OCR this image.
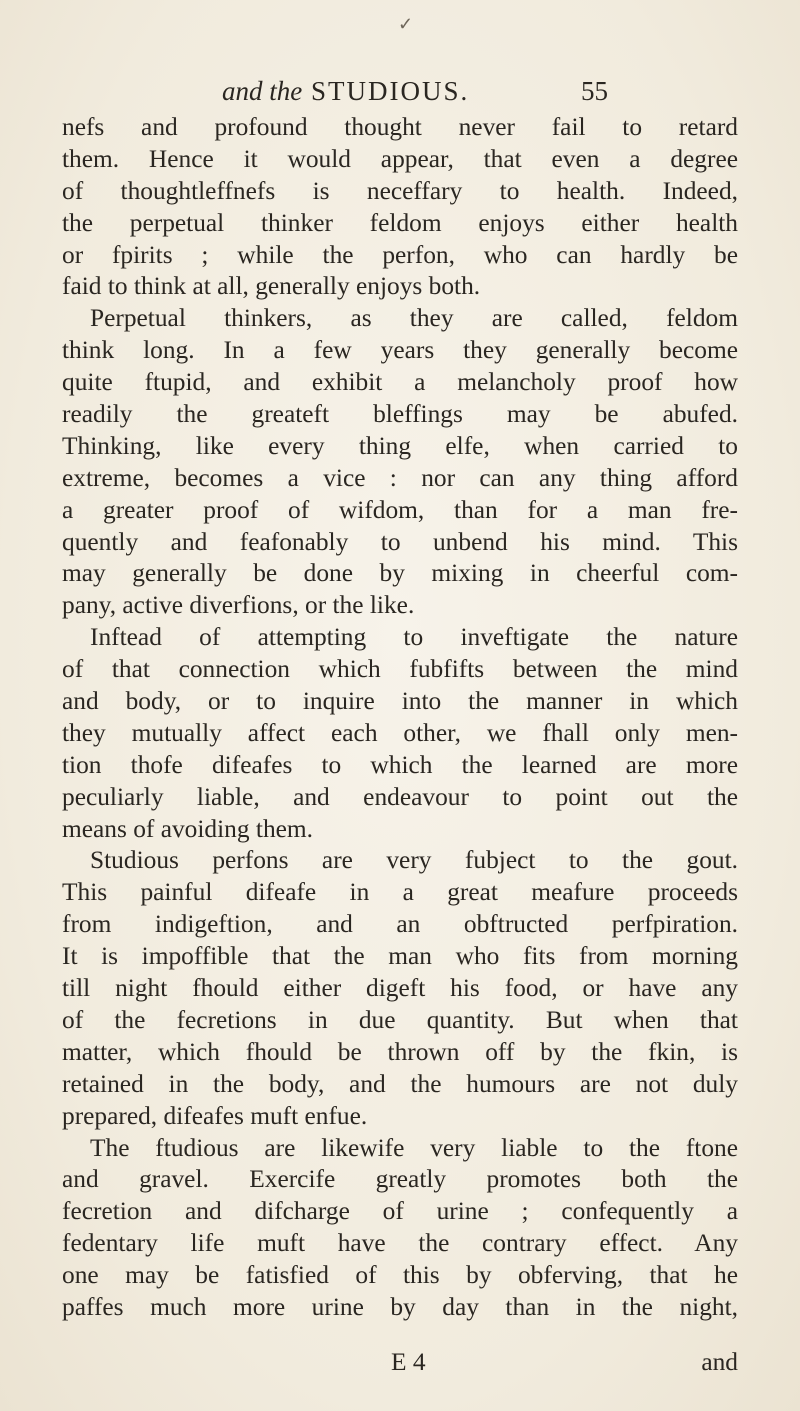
✓
and the STUDIOUS.	55
nefs and profound thought never fail to retard
them. Hence it would appear, that even a degree
of thoughtleffnefs is neceffary to health. Indeed,
the perpetual thinker feldom enjoys either health
or fpirits ; while the perfon, who can hardly be
faid to think at all, generally enjoys both.
Perpetual thinkers, as they are called, feldom
think long. In a few years they generally become
quite ftupid, and exhibit a melancholy proof how
readily the greateft bleffings may be abufed.
Thinking, like every thing elfe, when carried to
extreme, becomes a vice : nor can any thing afford
a greater proof of wifdom, than for a man fre-
quently and feafonably to unbend his mind. This
may generally be done by mixing in cheerful com-
pany, active diverfions, or the like.
Inftead of attempting to inveftigate the nature
of that connection which fubfifts between the mind
and body, or to inquire into the manner in which
they mutually affect each other, we fhall only men-
tion thofe difeafes to which the learned are more
peculiarly liable, and endeavour to point out the
means of avoiding them.
Studious perfons are very fubject to the gout.
This painful difeafe in a great meafure proceeds
from indigeftion, and an obftructed perfpiration.
It is impoffible that the man who fits from morning
till night fhould either digeft his food, or have any
of the fecretions in due quantity. But when that
matter, which fhould be thrown off by the fkin, is
retained in the body, and the humours are not duly
prepared, difeafes muft enfue.
The ftudious are likewife very liable to the ftone
and gravel. Exercife greatly promotes both the
fecretion and difcharge of urine ; confequently a
fedentary life muft have the contrary effect. Any
one may be fatisfied of this by obferving, that he
paffes much more urine by day than in the night,
E 4	and
